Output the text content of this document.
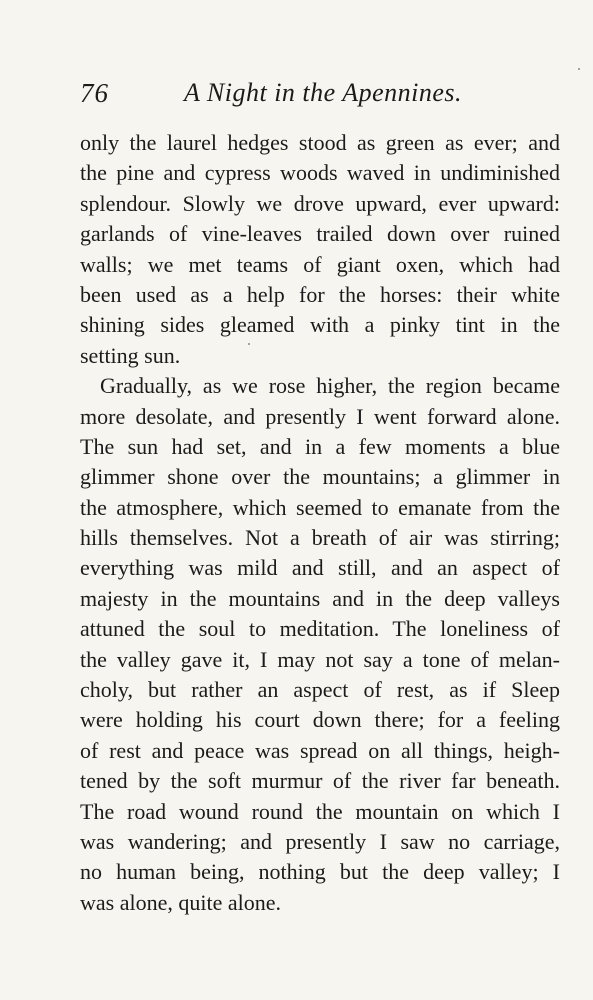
76	A Night in the Apennines.

only the laurel hedges stood as green as ever; and
the pine and cypress woods waved in undiminished
splendour. Slowly we drove upward, ever upward:
garlands of vine-leaves trailed down over ruined
walls; we met teams of giant oxen, which had
been used as a help for the horses: their white
shining sides gleamed with a pinky tint in the
setting sun.

Gradually, as we rose higher, the region became
more desolate, and presently I went forward alone.
The sun had set, and in a few moments a blue
glimmer shone over the mountains; a glimmer in
the atmosphere, which seemed to emanate from the
hills themselves. Not a breath of air was stirring;
everything was mild and still, and an aspect of
majesty in the mountains and in the deep valleys
attuned the soul to meditation. The loneliness of
the valley gave it, I may not say a tone of melan-
choly, but rather an aspect of rest, as if Sleep
were holding his court down there; for a feeling
of rest and peace was spread on all things, heigh-
tened by the soft murmur of the river far beneath.
The road wound round the mountain on which I
was wandering; and presently I saw no carriage,
no human being, nothing but the deep valley; I
was alone, quite alone.
